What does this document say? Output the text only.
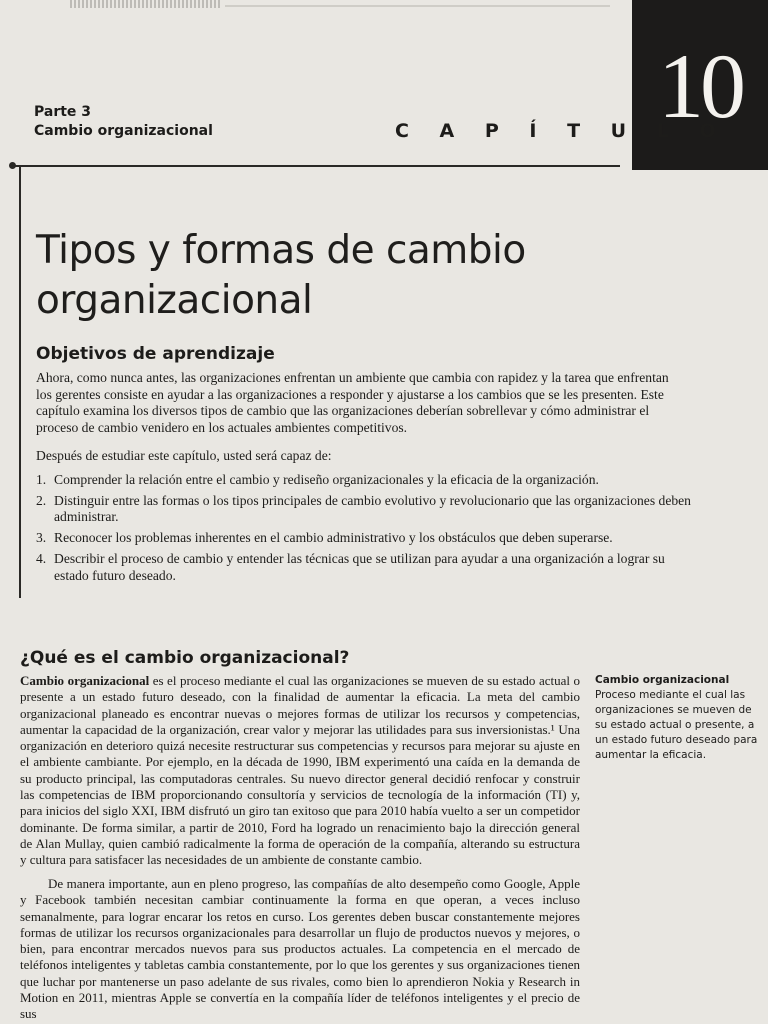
10
Parte 3
Cambio organizacional	C A P Í T U L O
Tipos y formas de cambio organizacional
Objetivos de aprendizaje
Ahora, como nunca antes, las organizaciones enfrentan un ambiente que cambia con rapidez y la tarea que enfrentan los gerentes consiste en ayudar a las organizaciones a responder y ajustarse a los cambios que se les presenten. Este capítulo examina los diversos tipos de cambio que las organizaciones deberían sobrellevar y cómo administrar el proceso de cambio venidero en los actuales ambientes competitivos.
Después de estudiar este capítulo, usted será capaz de:
1. Comprender la relación entre el cambio y rediseño organizacionales y la eficacia de la organización.
2. Distinguir entre las formas o los tipos principales de cambio evolutivo y revolucionario que las organizaciones deben administrar.
3. Reconocer los problemas inherentes en el cambio administrativo y los obstáculos que deben superarse.
4. Describir el proceso de cambio y entender las técnicas que se utilizan para ayudar a una organización a lograr su estado futuro deseado.
¿Qué es el cambio organizacional?
Cambio organizacional es el proceso mediante el cual las organizaciones se mueven de su estado actual o presente a un estado futuro deseado, con la finalidad de aumentar la eficacia. La meta del cambio organizacional planeado es encontrar nuevas o mejores formas de utilizar los recursos y competencias, aumentar la capacidad de la organización, crear valor y mejorar las utilidades para sus inversionistas.¹ Una organización en deterioro quizá necesite restructurar sus competencias y recursos para mejorar su ajuste en el ambiente cambiante. Por ejemplo, en la década de 1990, IBM experimentó una caída en la demanda de su producto principal, las computadoras centrales. Su nuevo director general decidió renfocar y construir las competencias de IBM proporcionando consultoría y servicios de tecnología de la información (TI) y, para inicios del siglo XXI, IBM disfrutó un giro tan exitoso que para 2010 había vuelto a ser un competidor dominante. De forma similar, a partir de 2010, Ford ha logrado un renacimiento bajo la dirección general de Alan Mullay, quien cambió radicalmente la forma de operación de la compañía, alterando su estructura y cultura para satisfacer las necesidades de un ambiente de constante cambio.
De manera importante, aun en pleno progreso, las compañías de alto desempeño como Google, Apple y Facebook también necesitan cambiar continuamente la forma en que operan, a veces incluso semanalmente, para lograr encarar los retos en curso. Los gerentes deben buscar constantemente mejores formas de utilizar los recursos organizacionales para desarrollar un flujo de productos nuevos y mejores, o bien, para encontrar mercados nuevos para sus productos actuales. La competencia en el mercado de teléfonos inteligentes y tabletas cambia constantemente, por lo que los gerentes y sus organizaciones tienen que luchar por mantenerse un paso adelante de sus rivales, como bien lo aprendieron Nokia y Research in Motion en 2011, mientras Apple se convertía en la compañía líder de teléfonos inteligentes y el precio de sus
Cambio organizacional
Proceso mediante el cual las organizaciones se mueven de su estado actual o presente, a un estado futuro deseado para aumentar la eficacia.
